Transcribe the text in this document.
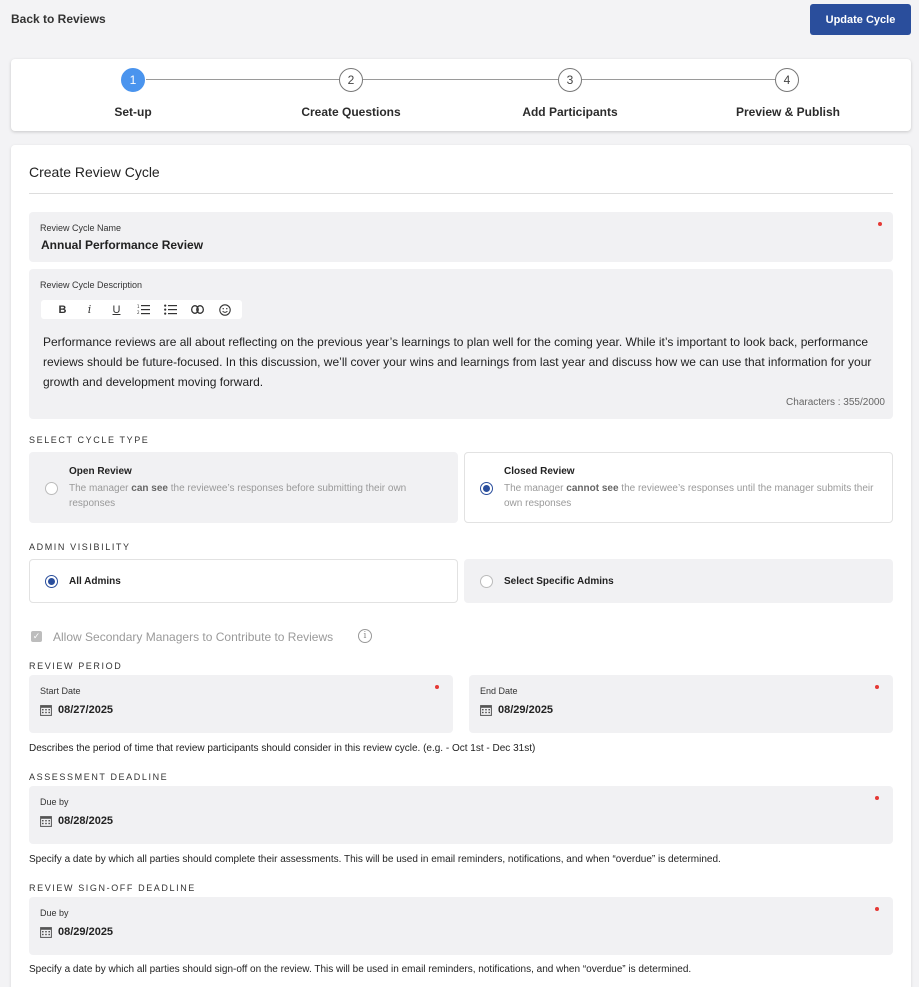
Back to Reviews	Update Cycle
1	2	3	4
Set-up	Create Questions	Add Participants	Preview & Publish
Create Review Cycle
Review Cycle Name
Annual Performance Review
Review Cycle Description
B	i	U	1
2

Performance reviews are all about reflecting on the previous year’s learnings to plan well for the coming year. While it’s important to look back, performance reviews should be future-focused. In this discussion, we’ll cover your wins and learnings from last year and discuss how we can use that information for your growth and development moving forward.

Characters : 355/2000
SELECT CYCLE TYPE
Open Review
The manager can see the reviewee’s responses before submitting their own responses
Closed Review
The manager cannot see the reviewee’s responses until the manager submits their own responses
ADMIN VISIBILITY
All Admins	Select Specific Admins
✓ Allow Secondary Managers to Contribute to Reviews	i
REVIEW PERIOD
Start Date
08/27/2025
End Date
08/29/2025
Describes the period of time that review participants should consider in this review cycle. (e.g. - Oct 1st - Dec 31st)
ASSESSMENT DEADLINE
Due by
08/28/2025
Specify a date by which all parties should complete their assessments. This will be used in email reminders, notifications, and when “overdue” is determined.
REVIEW SIGN-OFF DEADLINE
Due by
08/29/2025
Specify a date by which all parties should sign-off on the review. This will be used in email reminders, notifications, and when “overdue” is determined.
